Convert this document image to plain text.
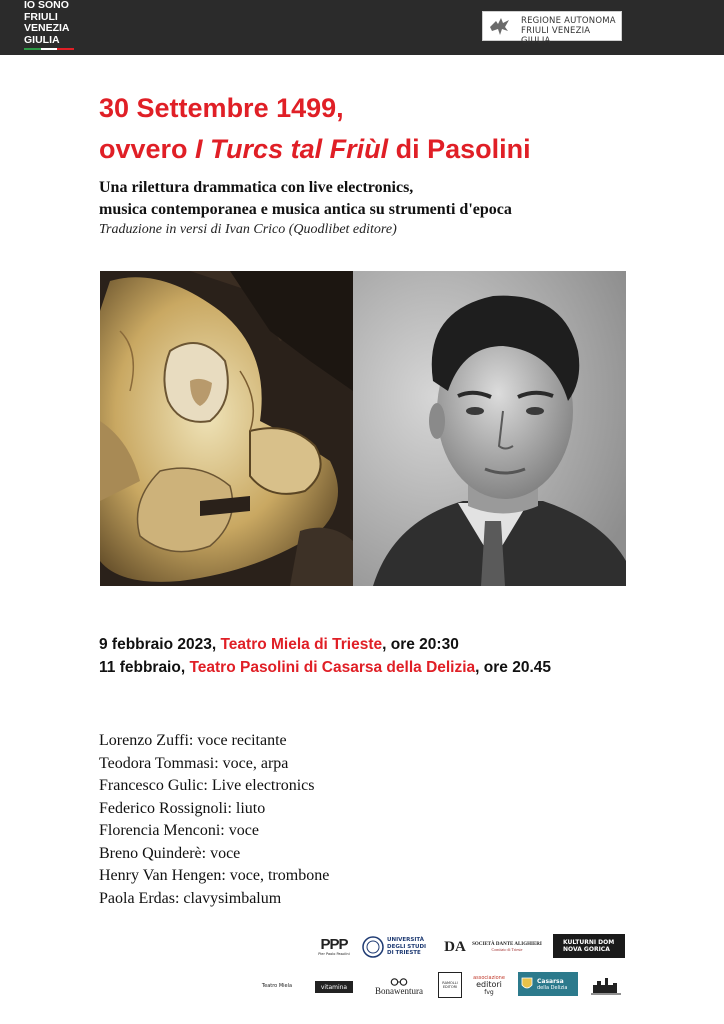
IO SONO
FRIULI
VENEZIA
GIULIA
REGIONE AUTONOMA
FRIULI VENEZIA GIULIA
30 Settembre 1499,
ovvero I Turcs tal Friùl di Pasolini
Una rilettura drammatica con live electronics,
musica contemporanea e musica antica su strumenti d'epoca
Traduzione in versi di Ivan Crico (Quodlibet editore)
9 febbraio 2023, Teatro Miela di Trieste, ore 20:30
11 febbraio, Teatro Pasolini di Casarsa della Delizia, ore 20.45
Lorenzo Zuffi: voce recitante
Teodora Tommasi: voce, arpa
Francesco Gulic: Live electronics
Federico Rossignoli: liuto
Florencia Menconi: voce
Breno Quinderè: voce
Henry Van Hengen: voce, trombone
Paola Erdas: clavysimbalum
PPP
Pier Paolo Pasolini
UNIVERSITÀ DEGLI STUDI DI TRIESTE	DA SOCIETÀ DANTE ALIGHIERI
Comitato di Trieste
KULTURNI DOM NOVA GORICA
Teatro Miela	vitamina	Bonawentura
RAMOLLI EDITORI
associazione
editori
fvg
Casarsa
della Delizia
